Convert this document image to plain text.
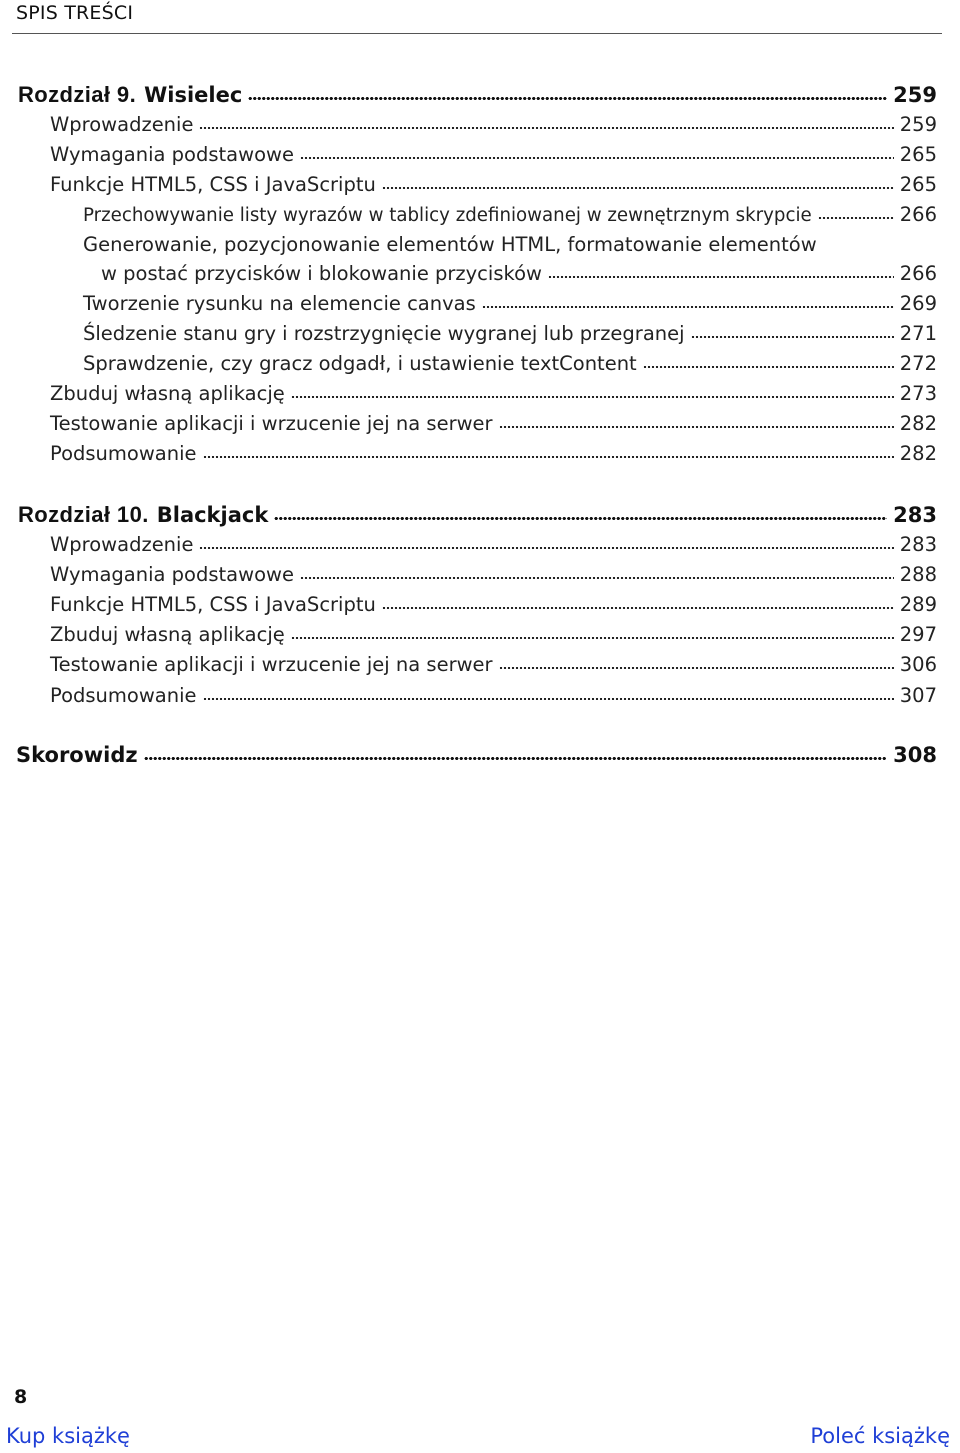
SPIS TREŚCI
Rozdział 9. Wisielec	259
Wprowadzenie	259
Wymagania podstawowe	265
Funkcje HTML5, CSS i JavaScriptu	265
Przechowywanie listy wyrazów w tablicy zdefiniowanej w zewnętrznym skrypcie	266
Generowanie, pozycjonowanie elementów HTML, formatowanie elementów
w postać przycisków i blokowanie przycisków	266
Tworzenie rysunku na elemencie canvas	269
Śledzenie stanu gry i rozstrzygnięcie wygranej lub przegranej	271
Sprawdzenie, czy gracz odgadł, i ustawienie textContent	272
Zbuduj własną aplikację	273
Testowanie aplikacji i wrzucenie jej na serwer	282
Podsumowanie	282
Rozdział 10. Blackjack	283
Wprowadzenie	283
Wymagania podstawowe	288
Funkcje HTML5, CSS i JavaScriptu	289
Zbuduj własną aplikację	297
Testowanie aplikacji i wrzucenie jej na serwer	306
Podsumowanie	307
Skorowidz	308
8
Kup książkę	Poleć książkę
